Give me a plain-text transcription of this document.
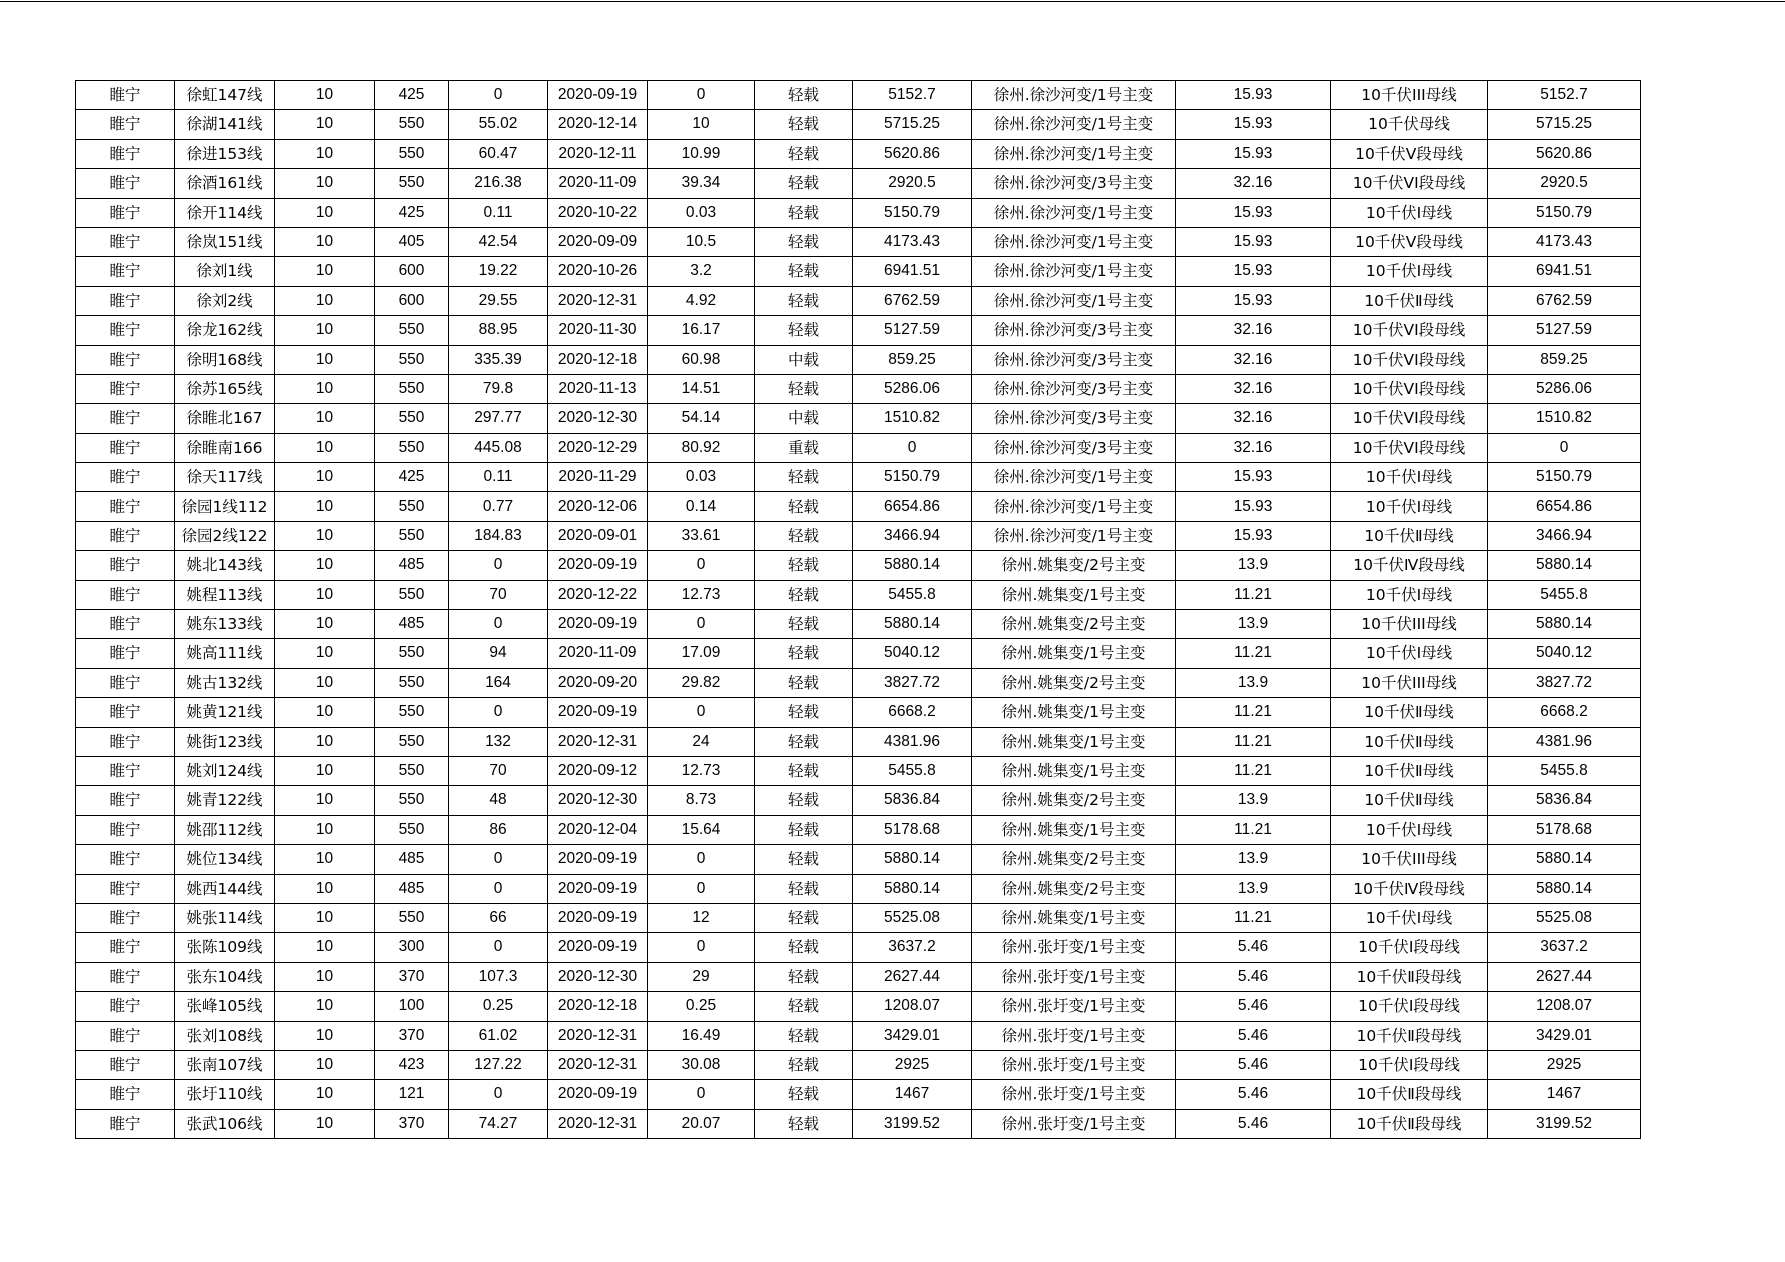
睢宁	徐虹147线	10	425	0	2020-09-19	0	轻载	5152.7	徐州.徐沙河变/1号主变	15.93	10千伏III母线	5152.7
睢宁	徐湖141线	10	550	55.02	2020-12-14	10	轻载	5715.25	徐州.徐沙河变/1号主变	15.93	10千伏母线	5715.25
睢宁	徐进153线	10	550	60.47	2020-12-11	10.99	轻载	5620.86	徐州.徐沙河变/1号主变	15.93	10千伏Ⅴ段母线	5620.86
睢宁	徐酒161线	10	550	216.38	2020-11-09	39.34	轻载	2920.5	徐州.徐沙河变/3号主变	32.16	10千伏VI段母线	2920.5
睢宁	徐开114线	10	425	0.11	2020-10-22	0.03	轻载	5150.79	徐州.徐沙河变/1号主变	15.93	10千伏Ⅰ母线	5150.79
睢宁	徐岚151线	10	405	42.54	2020-09-09	10.5	轻载	4173.43	徐州.徐沙河变/1号主变	15.93	10千伏Ⅴ段母线	4173.43
睢宁	徐刘1线	10	600	19.22	2020-10-26	3.2	轻载	6941.51	徐州.徐沙河变/1号主变	15.93	10千伏Ⅰ母线	6941.51
睢宁	徐刘2线	10	600	29.55	2020-12-31	4.92	轻载	6762.59	徐州.徐沙河变/1号主变	15.93	10千伏Ⅱ母线	6762.59
睢宁	徐龙162线	10	550	88.95	2020-11-30	16.17	轻载	5127.59	徐州.徐沙河变/3号主变	32.16	10千伏VI段母线	5127.59
睢宁	徐明168线	10	550	335.39	2020-12-18	60.98	中载	859.25	徐州.徐沙河变/3号主变	32.16	10千伏VI段母线	859.25
睢宁	徐苏165线	10	550	79.8	2020-11-13	14.51	轻载	5286.06	徐州.徐沙河变/3号主变	32.16	10千伏VI段母线	5286.06
睢宁	徐睢北167	10	550	297.77	2020-12-30	54.14	中载	1510.82	徐州.徐沙河变/3号主变	32.16	10千伏VI段母线	1510.82
睢宁	徐睢南166	10	550	445.08	2020-12-29	80.92	重载	0	徐州.徐沙河变/3号主变	32.16	10千伏VI段母线	0
睢宁	徐天117线	10	425	0.11	2020-11-29	0.03	轻载	5150.79	徐州.徐沙河变/1号主变	15.93	10千伏Ⅰ母线	5150.79
睢宁	徐园1线112	10	550	0.77	2020-12-06	0.14	轻载	6654.86	徐州.徐沙河变/1号主变	15.93	10千伏Ⅰ母线	6654.86
睢宁	徐园2线122	10	550	184.83	2020-09-01	33.61	轻载	3466.94	徐州.徐沙河变/1号主变	15.93	10千伏Ⅱ母线	3466.94
睢宁	姚北143线	10	485	0	2020-09-19	0	轻载	5880.14	徐州.姚集变/2号主变	13.9	10千伏Ⅳ段母线	5880.14
睢宁	姚程113线	10	550	70	2020-12-22	12.73	轻载	5455.8	徐州.姚集变/1号主变	11.21	10千伏Ⅰ母线	5455.8
睢宁	姚东133线	10	485	0	2020-09-19	0	轻载	5880.14	徐州.姚集变/2号主变	13.9	10千伏III母线	5880.14
睢宁	姚高111线	10	550	94	2020-11-09	17.09	轻载	5040.12	徐州.姚集变/1号主变	11.21	10千伏Ⅰ母线	5040.12
睢宁	姚古132线	10	550	164	2020-09-20	29.82	轻载	3827.72	徐州.姚集变/2号主变	13.9	10千伏III母线	3827.72
睢宁	姚黄121线	10	550	0	2020-09-19	0	轻载	6668.2	徐州.姚集变/1号主变	11.21	10千伏Ⅱ母线	6668.2
睢宁	姚街123线	10	550	132	2020-12-31	24	轻载	4381.96	徐州.姚集变/1号主变	11.21	10千伏Ⅱ母线	4381.96
睢宁	姚刘124线	10	550	70	2020-09-12	12.73	轻载	5455.8	徐州.姚集变/1号主变	11.21	10千伏Ⅱ母线	5455.8
睢宁	姚青122线	10	550	48	2020-12-30	8.73	轻载	5836.84	徐州.姚集变/2号主变	13.9	10千伏Ⅱ母线	5836.84
睢宁	姚邵112线	10	550	86	2020-12-04	15.64	轻载	5178.68	徐州.姚集变/1号主变	11.21	10千伏Ⅰ母线	5178.68
睢宁	姚位134线	10	485	0	2020-09-19	0	轻载	5880.14	徐州.姚集变/2号主变	13.9	10千伏III母线	5880.14
睢宁	姚西144线	10	485	0	2020-09-19	0	轻载	5880.14	徐州.姚集变/2号主变	13.9	10千伏Ⅳ段母线	5880.14
睢宁	姚张114线	10	550	66	2020-09-19	12	轻载	5525.08	徐州.姚集变/1号主变	11.21	10千伏Ⅰ母线	5525.08
睢宁	张陈109线	10	300	0	2020-09-19	0	轻载	3637.2	徐州.张圩变/1号主变	5.46	10千伏Ⅰ段母线	3637.2
睢宁	张东104线	10	370	107.3	2020-12-30	29	轻载	2627.44	徐州.张圩变/1号主变	5.46	10千伏Ⅱ段母线	2627.44
睢宁	张峰105线	10	100	0.25	2020-12-18	0.25	轻载	1208.07	徐州.张圩变/1号主变	5.46	10千伏Ⅰ段母线	1208.07
睢宁	张刘108线	10	370	61.02	2020-12-31	16.49	轻载	3429.01	徐州.张圩变/1号主变	5.46	10千伏Ⅱ段母线	3429.01
睢宁	张南107线	10	423	127.22	2020-12-31	30.08	轻载	2925	徐州.张圩变/1号主变	5.46	10千伏Ⅰ段母线	2925
睢宁	张圩110线	10	121	0	2020-09-19	0	轻载	1467	徐州.张圩变/1号主变	5.46	10千伏Ⅱ段母线	1467
睢宁	张武106线	10	370	74.27	2020-12-31	20.07	轻载	3199.52	徐州.张圩变/1号主变	5.46	10千伏Ⅱ段母线	3199.52
